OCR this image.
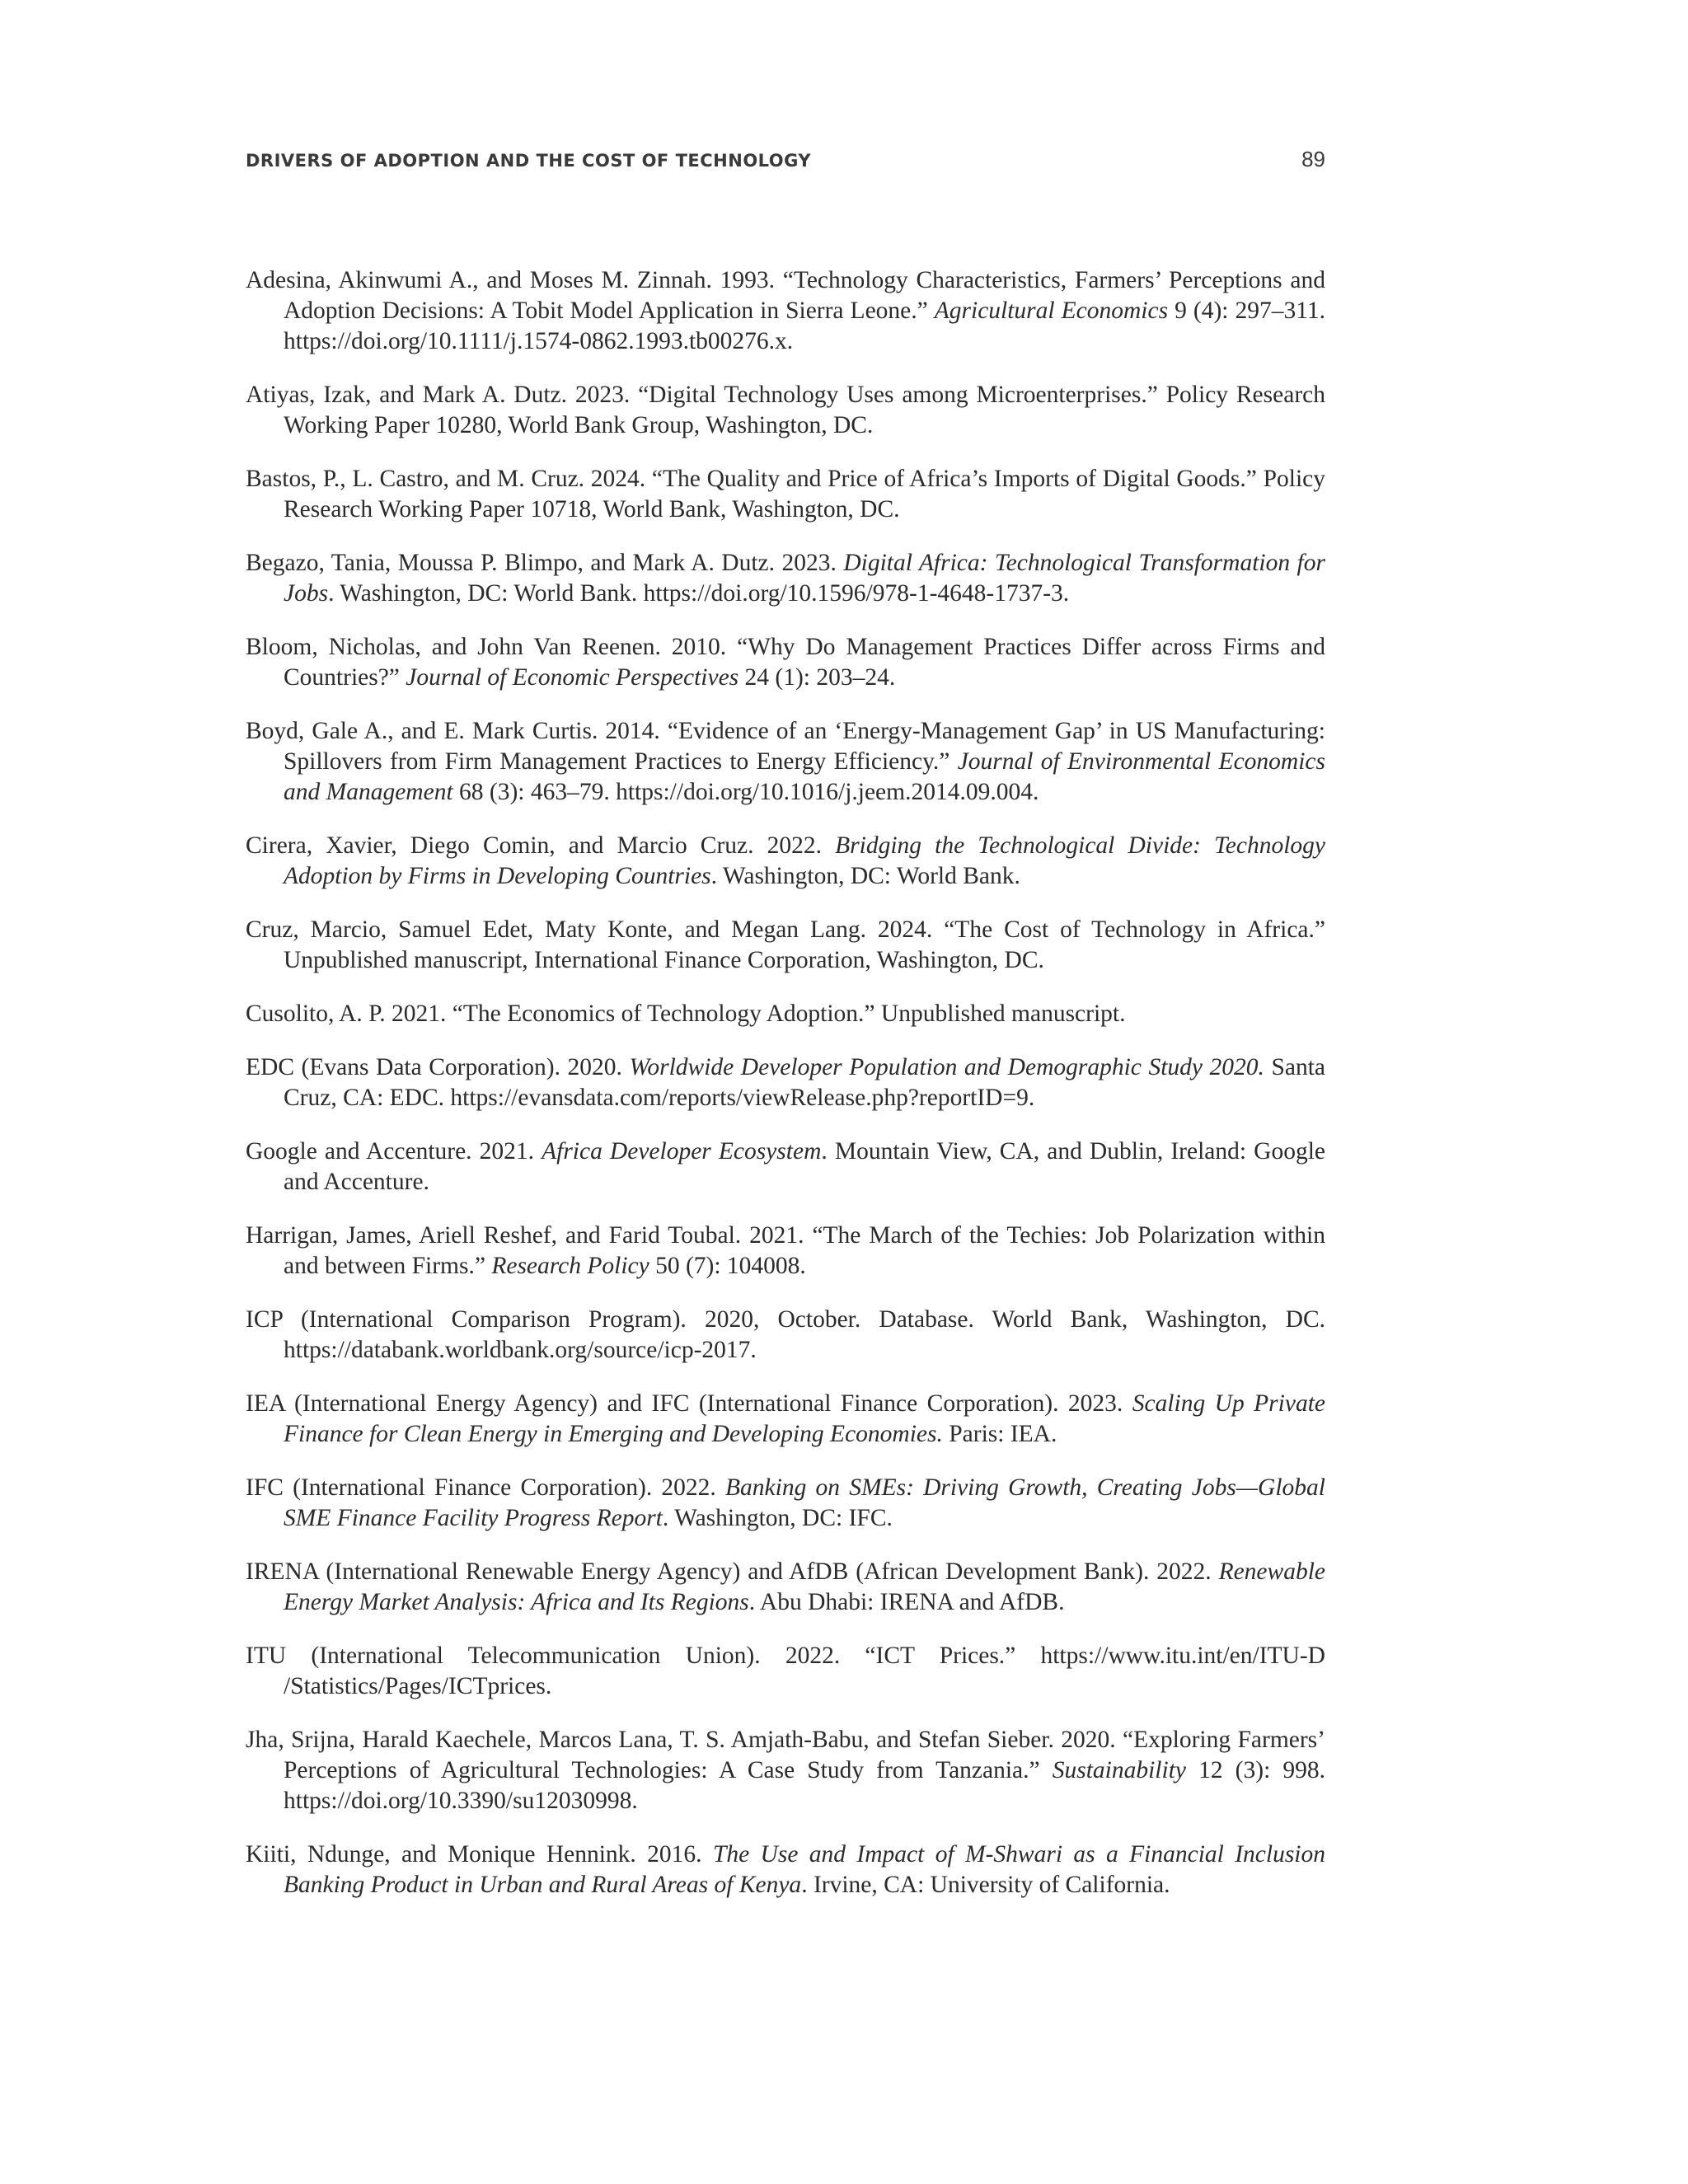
DRIVERS OF ADOPTION AND THE COST OF TECHNOLOGY	89

Adesina, Akinwumi A., and Moses M. Zinnah. 1993. “Technology Characteristics, Farmers’ Perceptions and Adoption Decisions: A Tobit Model Application in Sierra Leone.” Agricultural Economics 9 (4): 297–311. https://doi.org/10.1111/j.1574-0862.1993.tb00276.x.

Atiyas, Izak, and Mark A. Dutz. 2023. “Digital Technology Uses among Microenterprises.” Policy Research Working Paper 10280, World Bank Group, Washington, DC.

Bastos, P., L. Castro, and M. Cruz. 2024. “The Quality and Price of Africa’s Imports of Digital Goods.” Policy Research Working Paper 10718, World Bank, Washington, DC.

Begazo, Tania, Moussa P. Blimpo, and Mark A. Dutz. 2023. Digital Africa: Technological Transformation for Jobs. Washington, DC: World Bank. https://doi.org/10.1596/978-1-4648-1737-3.

Bloom, Nicholas, and John Van Reenen. 2010. “Why Do Management Practices Differ across Firms and Countries?” Journal of Economic Perspectives 24 (1): 203–24.

Boyd, Gale A., and E. Mark Curtis. 2014. “Evidence of an ‘Energy-Management Gap’ in US Manufacturing: Spillovers from Firm Management Practices to Energy Efficiency.” Journal of Environmental Economics and Management 68 (3): 463–79. https://doi.org/10.1016/j.jeem.2014.09.004.

Cirera, Xavier, Diego Comin, and Marcio Cruz. 2022. Bridging the Technological Divide: Technology Adoption by Firms in Developing Countries. Washington, DC: World Bank.

Cruz, Marcio, Samuel Edet, Maty Konte, and Megan Lang. 2024. “The Cost of Technology in Africa.” Unpublished manuscript, International Finance Corporation, Washington, DC.

Cusolito, A. P. 2021. “The Economics of Technology Adoption.” Unpublished manuscript.

EDC (Evans Data Corporation). 2020. Worldwide Developer Population and Demographic Study 2020. Santa Cruz, CA: EDC. https://evansdata.com/reports/viewRelease.php?reportID=9.

Google and Accenture. 2021. Africa Developer Ecosystem. Mountain View, CA, and Dublin, Ireland: Google and Accenture.

Harrigan, James, Ariell Reshef, and Farid Toubal. 2021. “The March of the Techies: Job Polarization within and between Firms.” Research Policy 50 (7): 104008.

ICP (International Comparison Program). 2020, October. Database. World Bank, Washington, DC. https://databank.worldbank.org/source/icp-2017.

IEA (International Energy Agency) and IFC (International Finance Corporation). 2023. Scaling Up Private Finance for Clean Energy in Emerging and Developing Economies. Paris: IEA.

IFC (International Finance Corporation). 2022. Banking on SMEs: Driving Growth, Creating Jobs—Global SME Finance Facility Progress Report. Washington, DC: IFC.

IRENA (International Renewable Energy Agency) and AfDB (African Development Bank). 2022. Renewable Energy Market Analysis: Africa and Its Regions. Abu Dhabi: IRENA and AfDB.

ITU (International Telecommunication Union). 2022. “ICT Prices.” https://www.itu.int/en/ITU-D /Statistics/Pages/ICTprices.

Jha, Srijna, Harald Kaechele, Marcos Lana, T. S. Amjath-Babu, and Stefan Sieber. 2020. “Exploring Farmers’ Perceptions of Agricultural Technologies: A Case Study from Tanzania.” Sustainability 12 (3): 998. https://doi.org/10.3390/su12030998.

Kiiti, Ndunge, and Monique Hennink. 2016. The Use and Impact of M-Shwari as a Financial Inclusion Banking Product in Urban and Rural Areas of Kenya. Irvine, CA: University of California.
